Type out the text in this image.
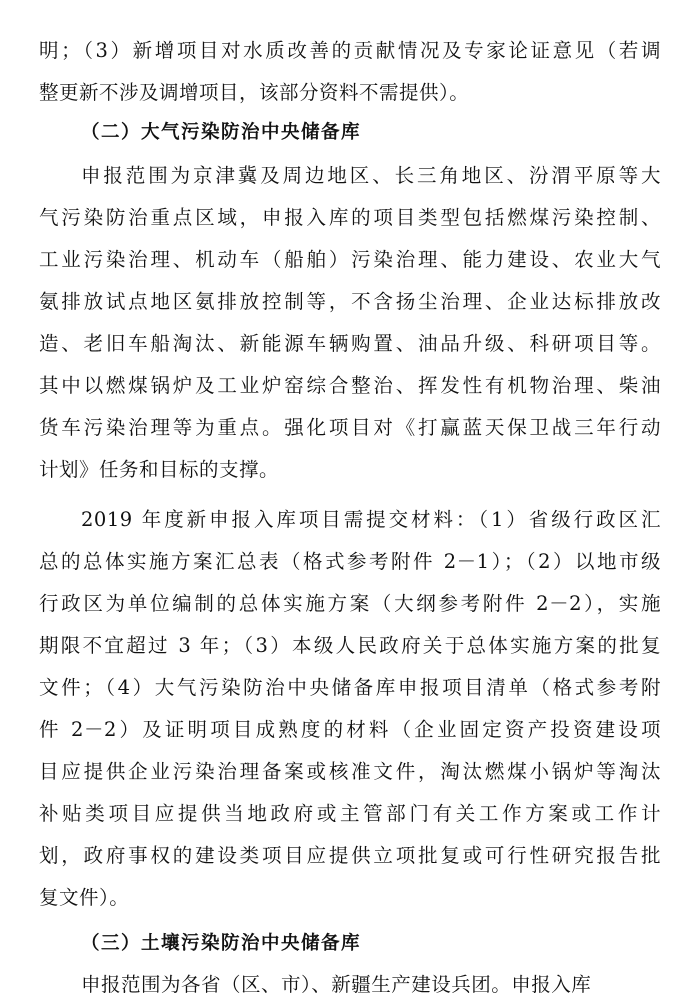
明；（3）新增项目对水质改善的贡献情况及专家论证意见（若调
整更新不涉及调增项目，该部分资料不需提供）。
（二）大气污染防治中央储备库
申报范围为京津冀及周边地区、长三角地区、汾渭平原等大
气污染防治重点区域，申报入库的项目类型包括燃煤污染控制、
工业污染治理、机动车（船舶）污染治理、能力建设、农业大气
氨排放试点地区氨排放控制等，不含扬尘治理、企业达标排放改
造、老旧车船淘汰、新能源车辆购置、油品升级、科研项目等。
其中以燃煤锅炉及工业炉窑综合整治、挥发性有机物治理、柴油
货车污染治理等为重点。强化项目对《打赢蓝天保卫战三年行动
计划》任务和目标的支撑。
2019 年度新申报入库项目需提交材料：（1）省级行政区汇
总的总体实施方案汇总表（格式参考附件 2－1）；（2）以地市级
行政区为单位编制的总体实施方案（大纲参考附件 2－2），实施
期限不宜超过 3 年；（3）本级人民政府关于总体实施方案的批复
文件；（4）大气污染防治中央储备库申报项目清单（格式参考附
件 2－2）及证明项目成熟度的材料（企业固定资产投资建设项
目应提供企业污染治理备案或核准文件，淘汰燃煤小锅炉等淘汰
补贴类项目应提供当地政府或主管部门有关工作方案或工作计
划，政府事权的建设类项目应提供立项批复或可行性研究报告批
复文件）。
（三）土壤污染防治中央储备库
申报范围为各省（区、市）、新疆生产建设兵团。申报入库
